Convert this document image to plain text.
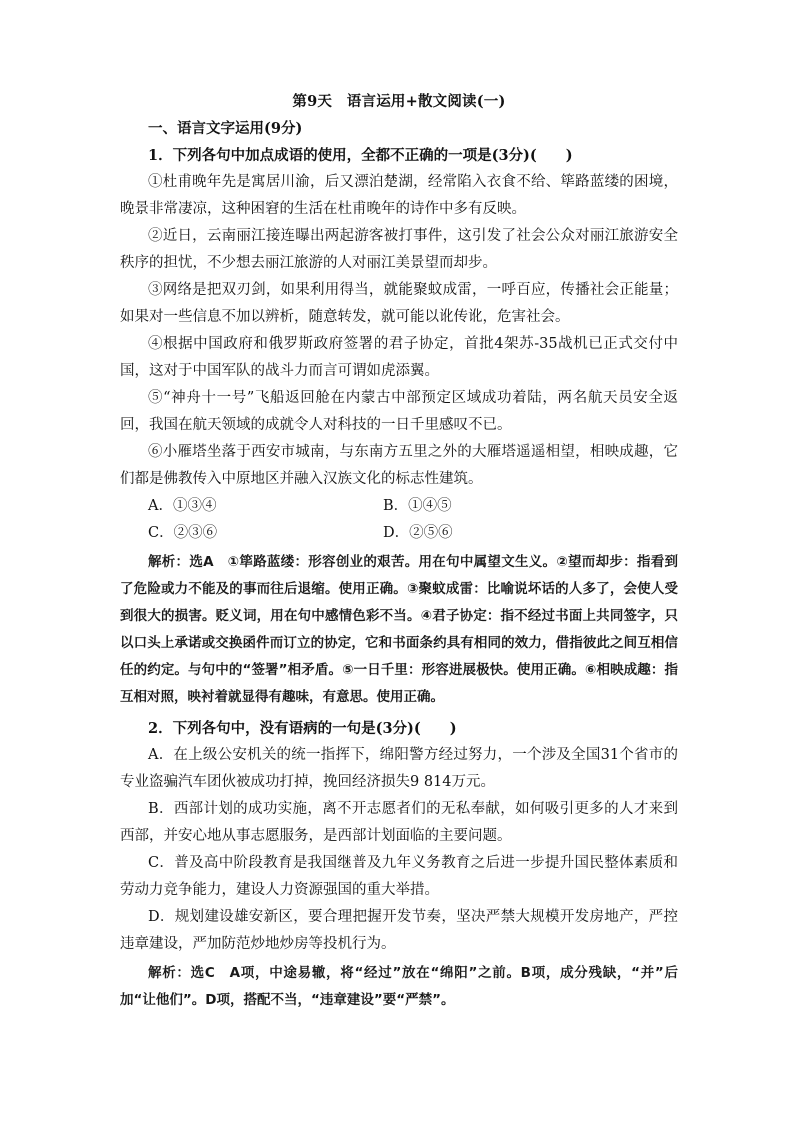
第9天　语言运用+散文阅读(一)
一、语言文字运用(9分)

1．下列各句中加点成语的使用，全都不正确的一项是(3分)(　　)

①杜甫晚年先是寓居川渝，后又漂泊楚湖，经常陷入衣食不给、筚路蓝缕的困境，晚景非常凄凉，这种困窘的生活在杜甫晚年的诗作中多有反映。

②近日，云南丽江接连曝出两起游客被打事件，这引发了社会公众对丽江旅游安全秩序的担忧，不少想去丽江旅游的人对丽江美景望而却步。

③网络是把双刃剑，如果利用得当，就能聚蚊成雷，一呼百应，传播社会正能量；如果对一些信息不加以辨析，随意转发，就可能以讹传讹，危害社会。

④根据中国政府和俄罗斯政府签署的君子协定，首批4架苏-35战机已正式交付中国，这对于中国军队的战斗力而言可谓如虎添翼。

⑤“神舟十一号”飞船返回舱在内蒙古中部预定区域成功着陆，两名航天员安全返回，我国在航天领域的成就令人对科技的一日千里感叹不已。

⑥小雁塔坐落于西安市城南，与东南方五里之外的大雁塔遥遥相望，相映成趣，它们都是佛教传入中原地区并融入汉族文化的标志性建筑。

A．①③④	B．①④⑤
C．②③⑥	D．②⑤⑥

解析：选A　①筚路蓝缕：形容创业的艰苦。用在句中属望文生义。②望而却步：指看到了危险或力不能及的事而往后退缩。使用正确。③聚蚊成雷：比喻说坏话的人多了，会使人受到很大的损害。贬义词，用在句中感情色彩不当。④君子协定：指不经过书面上共同签字，只以口头上承诺或交换函件而订立的协定，它和书面条约具有相同的效力，借指彼此之间互相信任的约定。与句中的“签署”相矛盾。⑤一日千里：形容进展极快。使用正确。⑥相映成趣：指互相对照，映衬着就显得有趣味，有意思。使用正确。

2．下列各句中，没有语病的一句是(3分)(　　)

A．在上级公安机关的统一指挥下，绵阳警方经过努力，一个涉及全国31个省市的专业盗骗汽车团伙被成功打掉，挽回经济损失9 814万元。

B．西部计划的成功实施，离不开志愿者们的无私奉献，如何吸引更多的人才来到西部，并安心地从事志愿服务，是西部计划面临的主要问题。

C．普及高中阶段教育是我国继普及九年义务教育之后进一步提升国民整体素质和劳动力竞争能力，建设人力资源强国的重大举措。

D．规划建设雄安新区，要合理把握开发节奏，坚决严禁大规模开发房地产，严控违章建设，严加防范炒地炒房等投机行为。

解析：选C　A项，中途易辙，将“经过”放在“绵阳”之前。B项，成分残缺，“并”后加“让他们”。D项，搭配不当，“违章建设”要“严禁”。
